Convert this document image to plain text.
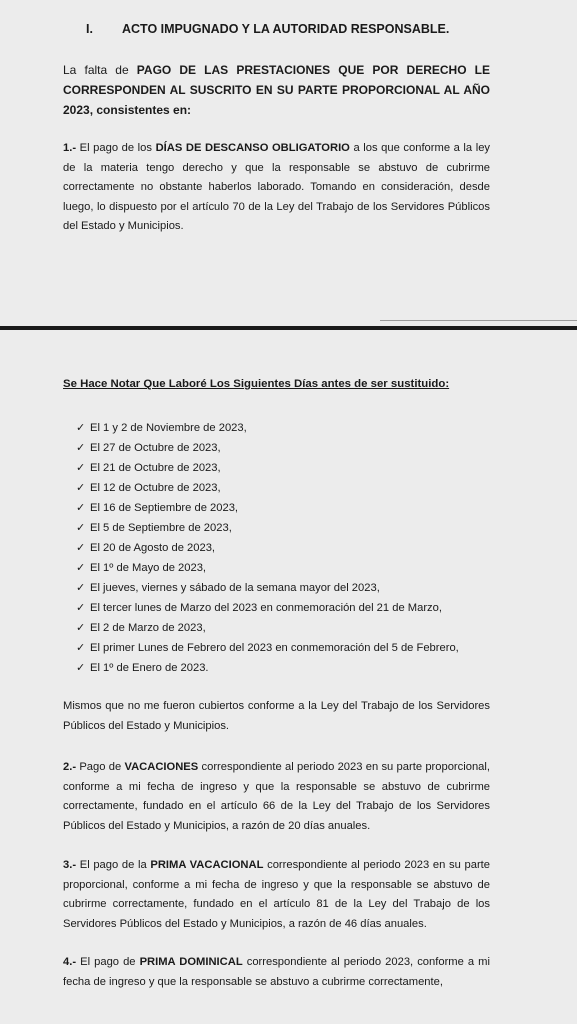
I. ACTO IMPUGNADO Y LA AUTORIDAD RESPONSABLE.

La falta de PAGO DE LAS PRESTACIONES QUE POR DERECHO LE CORRESPONDEN AL SUSCRITO EN SU PARTE PROPORCIONAL AL AÑO 2023, consistentes en:

1.- El pago de los DÍAS DE DESCANSO OBLIGATORIO a los que conforme a la ley de la materia tengo derecho y que la responsable se abstuvo de cubrirme correctamente no obstante haberlos laborado. Tomando en consideración, desde luego, lo dispuesto por el artículo 70 de la Ley del Trabajo de los Servidores Públicos del Estado y Municipios.

Se Hace Notar Que Laboré Los Siguientes Días antes de ser sustituido:
✓ El 1 y 2 de Noviembre de 2023,
✓ El 27 de Octubre de 2023,
✓ El 21 de Octubre de 2023,
✓ El 12 de Octubre de 2023,
✓ El 16 de Septiembre de 2023,
✓ El 5 de Septiembre de 2023,
✓ El 20 de Agosto de 2023,
✓ El 1º de Mayo de 2023,
✓ El jueves, viernes y sábado de la semana mayor del 2023,
✓ El tercer lunes de Marzo del 2023 en conmemoración del 21 de Marzo,
✓ El 2 de Marzo de 2023,
✓ El primer Lunes de Febrero del 2023 en conmemoración del 5 de Febrero,
✓ El 1º de Enero de 2023.

Mismos que no me fueron cubiertos conforme a la Ley del Trabajo de los Servidores Públicos del Estado y Municipios.

2.- Pago de VACACIONES correspondiente al periodo 2023 en su parte proporcional, conforme a mi fecha de ingreso y que la responsable se abstuvo de cubrirme correctamente, fundado en el artículo 66 de la Ley del Trabajo de los Servidores Públicos del Estado y Municipios, a razón de 20 días anuales.

3.- El pago de la PRIMA VACACIONAL correspondiente al periodo 2023 en su parte proporcional, conforme a mi fecha de ingreso y que la responsable se abstuvo de cubrirme correctamente, fundado en el artículo 81 de la Ley del Trabajo de los Servidores Públicos del Estado y Municipios, a razón de 46 días anuales.

4.- El pago de PRIMA DOMINICAL correspondiente al periodo 2023, conforme a mi fecha de ingreso y que la responsable se abstuvo a cubrirme correctamente,
